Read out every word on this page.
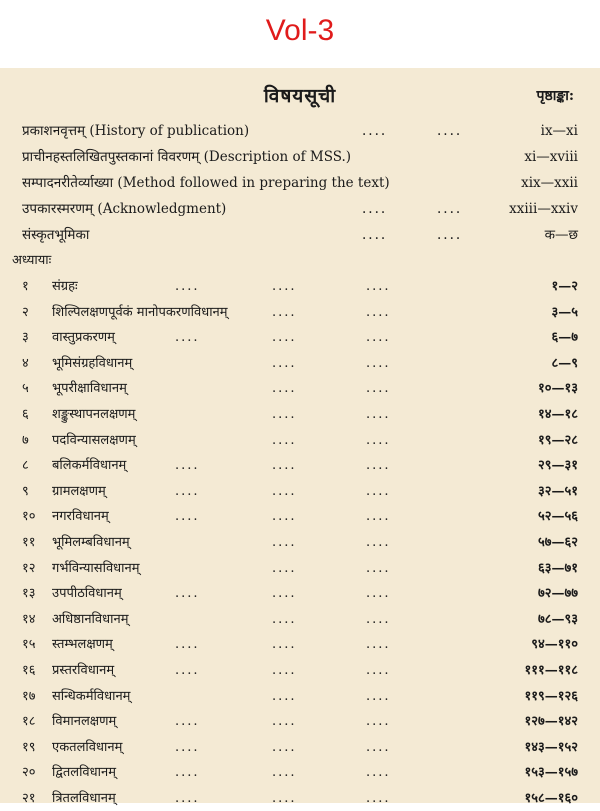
Vol-3
विषयसूची	पृष्ठाङ्का:
प्रकाशनवृत्तम् (History of publication)	....	....	ix—xi
प्राचीनहस्तलिखितपुस्तकानां विवरणम् (Description of MSS.)	xi—xviii
सम्पादनरीतेर्व्याख्या (Method followed in preparing the text)	xix—xxii
उपकारस्मरणम् (Acknowledgment)	....	....	xxiii—xxiv
संस्कृतभूमिका	....	....	क—छ
अध्यायाः
१	संग्रहः	....	....	....	१—२
२	शिल्पिलक्षणपूर्वकं मानोपकरणविधानम्	....	....	३—५
३	वास्तुप्रकरणम्	....	....	....	६—७
४	भूमिसंग्रहविधानम्	....	....	८—९
५	भूपरीक्षाविधानम्	....	....	१०—१३
६	शङ्कुस्थापनलक्षणम्	....	....	१४—१८
७	पदविन्यासलक्षणम्	....	....	१९—२८
८	बलिकर्मविधानम्	....	....	....	२९—३१
९	ग्रामलक्षणम्	....	....	....	३२—५१
१०	नगरविधानम्	....	....	....	५२—५६
११	भूमिलम्बविधानम्	....	....	५७—६२
१२	गर्भविन्यासविधानम्	....	....	६३—७१
१३	उपपीठविधानम्	....	....	....	७२—७७
१४	अधिष्ठानविधानम्	....	....	७८—९३
१५	स्तम्भलक्षणम्	....	....	....	९४—११०
१६	प्रस्तरविधानम्	....	....	....	१११—११८
१७	सन्धिकर्मविधानम्	....	....	११९—१२६
१८	विमानलक्षणम्	....	....	....	१२७—१४२
१९	एकतलविधानम्	....	....	....	१४३—१५२
२०	द्वितलविधानम्	....	....	....	१५३—१५७
२१	त्रितलविधानम्	....	....	....	१५८—१६०
